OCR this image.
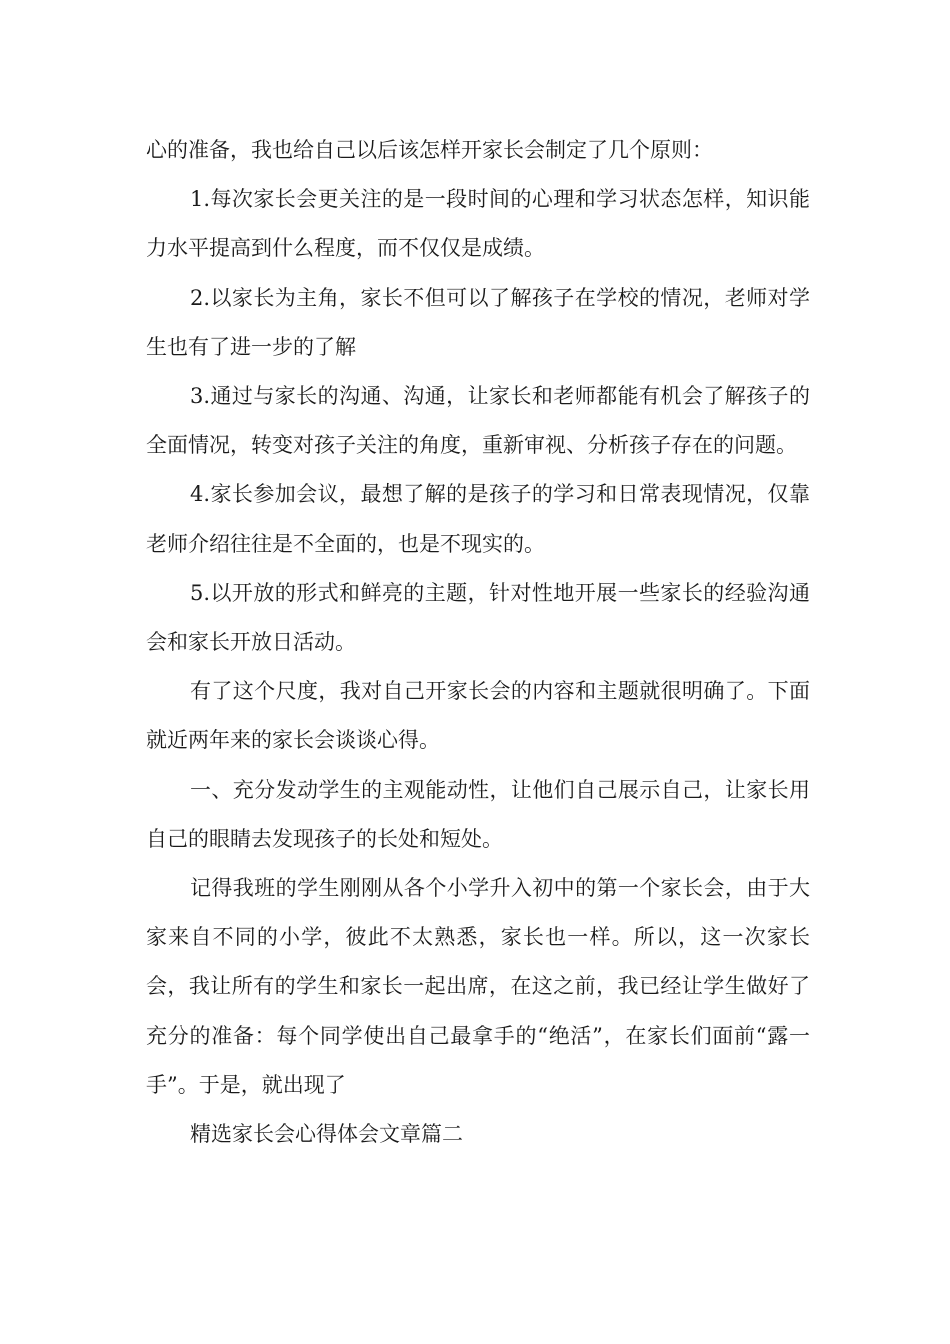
心的准备，我也给自己以后该怎样开家长会制定了几个原则：

1.每次家长会更关注的是一段时间的心理和学习状态怎样，知识能力水平提高到什么程度，而不仅仅是成绩。

2.以家长为主角，家长不但可以了解孩子在学校的情况，老师对学生也有了进一步的了解

3.通过与家长的沟通、沟通，让家长和老师都能有机会了解孩子的全面情况，转变对孩子关注的角度，重新审视、分析孩子存在的问题。

4.家长参加会议，最想了解的是孩子的学习和日常表现情况，仅靠老师介绍往往是不全面的，也是不现实的。

5.以开放的形式和鲜亮的主题，针对性地开展一些家长的经验沟通会和家长开放日活动。

有了这个尺度，我对自己开家长会的内容和主题就很明确了。下面就近两年来的家长会谈谈心得。

一、充分发动学生的主观能动性，让他们自己展示自己，让家长用自己的眼睛去发现孩子的长处和短处。

记得我班的学生刚刚从各个小学升入初中的第一个家长会，由于大家来自不同的小学，彼此不太熟悉，家长也一样。所以，这一次家长会，我让所有的学生和家长一起出席，在这之前，我已经让学生做好了充分的准备：每个同学使出自己最拿手的“绝活”，在家长们面前“露一手”。于是，就出现了

精选家长会心得体会文章篇二
